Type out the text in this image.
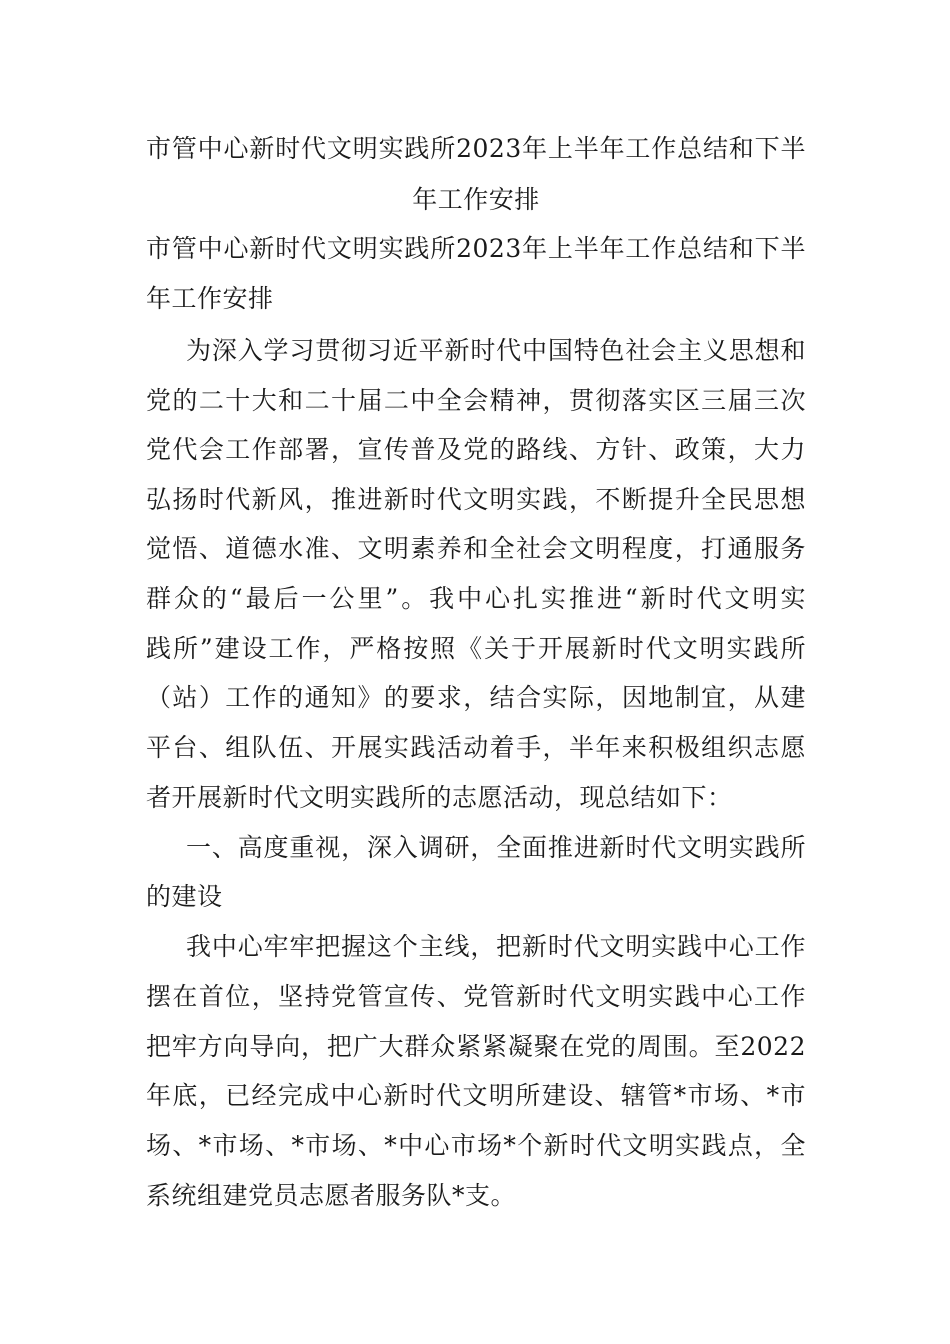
市管中心新时代文明实践所2023年上半年工作总结和下半
年工作安排
市管中心新时代文明实践所2023年上半年工作总结和下半
年工作安排
为深入学习贯彻习近平新时代中国特色社会主义思想和
党的二十大和二十届二中全会精神，贯彻落实区三届三次
党代会工作部署，宣传普及党的路线、方针、政策，大力
弘扬时代新风，推进新时代文明实践，不断提升全民思想
觉悟、道德水准、文明素养和全社会文明程度，打通服务
群众的“最后一公里”。我中心扎实推进“新时代文明实
践所”建设工作，严格按照《关于开展新时代文明实践所
（站）工作的通知》的要求，结合实际，因地制宜，从建
平台、组队伍、开展实践活动着手，半年来积极组织志愿
者开展新时代文明实践所的志愿活动，现总结如下：
一、高度重视，深入调研，全面推进新时代文明实践所
的建设
我中心牢牢把握这个主线，把新时代文明实践中心工作
摆在首位，坚持党管宣传、党管新时代文明实践中心工作
把牢方向导向，把广大群众紧紧凝聚在党的周围。至2022
年底，已经完成中心新时代文明所建设、辖管*市场、*市
场、*市场、*市场、*中心市场*个新时代文明实践点，全
系统组建党员志愿者服务队*支。
